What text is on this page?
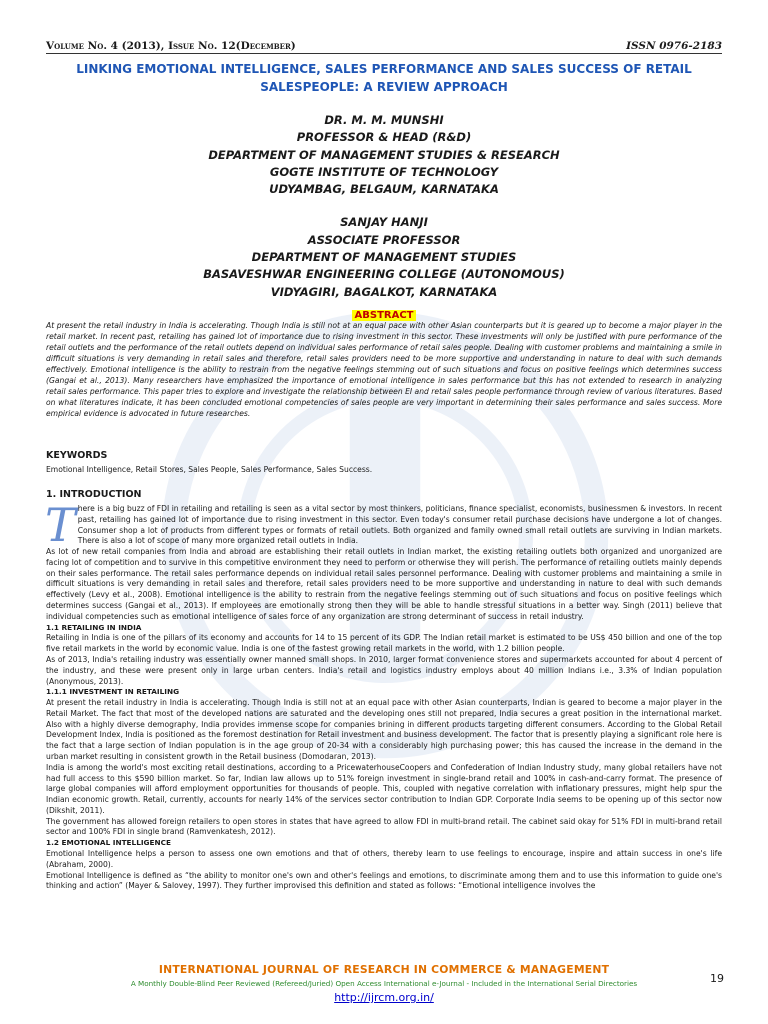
Volume No. 4 (2013), Issue No. 12(December)	ISSN 0976-2183
LINKING EMOTIONAL INTELLIGENCE, SALES PERFORMANCE AND SALES SUCCESS OF RETAIL
SALESPEOPLE: A REVIEW APPROACH
DR. M. M. MUNSHI
PROFESSOR & HEAD (R&D)
DEPARTMENT OF MANAGEMENT STUDIES & RESEARCH
GOGTE INSTITUTE OF TECHNOLOGY
UDYAMBAG, BELGAUM, KARNATAKA
SANJAY HANJI
ASSOCIATE PROFESSOR
DEPARTMENT OF MANAGEMENT STUDIES
BASAVESHWAR ENGINEERING COLLEGE (AUTONOMOUS)
VIDYAGIRI, BAGALKOT, KARNATAKA
ABSTRACT
At present the retail industry in India is accelerating. Though India is still not at an equal pace with other Asian counterparts but it is geared up to become a major player in the retail market. In recent past, retailing has gained lot of importance due to rising investment in this sector. These investments will only be justified with pure performance of the retail outlets and the performance of the retail outlets depend on individual sales performance of retail sales people. Dealing with customer problems and maintaining a smile in difficult situations is very demanding in retail sales and therefore, retail sales providers need to be more supportive and understanding in nature to deal with such demands effectively. Emotional intelligence is the ability to restrain from the negative feelings stemming out of such situations and focus on positive feelings which determines success (Gangai et al., 2013). Many researchers have emphasized the importance of emotional intelligence in sales performance but this has not extended to research in analyzing retail sales performance. This paper tries to explore and investigate the relationship between EI and retail sales people performance through review of various literatures. Based on what literatures indicate, it has been concluded emotional competencies of sales people are very important in determining their sales performance and sales success. More empirical evidence is advocated in future researches.
KEYWORDS
Emotional Intelligence, Retail Stores, Sales People, Sales Performance, Sales Success.
1. INTRODUCTION

There is a big buzz of FDI in retailing and retailing is seen as a vital sector by most thinkers, politicians, finance specialist, economists, businessmen & investors. In recent past, retailing has gained lot of importance due to rising investment in this sector. Even today's consumer retail purchase decisions have undergone a lot of changes. Consumer shop a lot of products from different types or formats of retail outlets. Both organized and family owned small retail outlets are surviving in Indian markets. There is also a lot of scope of many more organized retail outlets in India.

As lot of new retail companies from India and abroad are establishing their retail outlets in Indian market, the existing retailing outlets both organized and unorganized are facing lot of competition and to survive in this competitive environment they need to perform or otherwise they will perish. The performance of retailing outlets mainly depends on their sales performance. The retail sales performance depends on individual retail sales personnel performance. Dealing with customer problems and maintaining a smile in difficult situations is very demanding in retail sales and therefore, retail sales providers need to be more supportive and understanding in nature to deal with such demands effectively (Levy et al., 2008). Emotional intelligence is the ability to restrain from the negative feelings stemming out of such situations and focus on positive feelings which determines success (Gangai et al., 2013). If employees are emotionally strong then they will be able to handle stressful situations in a better way. Singh (2011) believe that individual competencies such as emotional intelligence of sales force of any organization are strong determinant of success in retail industry.

1.1 RETAILING IN INDIA

Retailing in India is one of the pillars of its economy and accounts for 14 to 15 percent of its GDP. The Indian retail market is estimated to be US$ 450 billion and one of the top five retail markets in the world by economic value. India is one of the fastest growing retail markets in the world, with 1.2 billion people.

As of 2013, India's retailing industry was essentially owner manned small shops. In 2010, larger format convenience stores and supermarkets accounted for about 4 percent of the industry, and these were present only in large urban centers. India's retail and logistics industry employs about 40 million Indians i.e., 3.3% of Indian population (Anonymous, 2013).

1.1.1 INVESTMENT IN RETAILING

At present the retail industry in India is accelerating. Though India is still not at an equal pace with other Asian counterparts, Indian is geared to become a major player in the Retail Market. The fact that most of the developed nations are saturated and the developing ones still not prepared, India secures a great position in the international market. Also with a highly diverse demography, India provides immense scope for companies brining in different products targeting different consumers. According to the Global Retail Development Index, India is positioned as the foremost destination for Retail investment and business development. The factor that is presently playing a significant role here is the fact that a large section of Indian population is in the age group of 20-34 with a considerably high purchasing power; this has caused the increase in the demand in the urban market resulting in consistent growth in the Retail business (Domodaran, 2013).

India is among the world's most exciting retail destinations, according to a PricewaterhouseCoopers and Confederation of Indian Industry study, many global retailers have not had full access to this $590 billion market. So far, Indian law allows up to 51% foreign investment in single-brand retail and 100% in cash-and-carry format. The presence of large global companies will afford employment opportunities for thousands of people. This, coupled with negative correlation with inflationary pressures, might help spur the Indian economic growth. Retail, currently, accounts for nearly 14% of the services sector contribution to Indian GDP. Corporate India seems to be opening up of this sector now (Dikshit, 2011).

The government has allowed foreign retailers to open stores in states that have agreed to allow FDI in multi-brand retail. The cabinet said okay for 51% FDI in multi-brand retail sector and 100% FDI in single brand (Ramvenkatesh, 2012).

1.2 EMOTIONAL INTELLIGENCE

Emotional Intelligence helps a person to assess one own emotions and that of others, thereby learn to use feelings to encourage, inspire and attain success in one's life (Abraham, 2000).

Emotional Intelligence is defined as “the ability to monitor one's own and other's feelings and emotions, to discriminate among them and to use this information to guide one's thinking and action” (Mayer & Salovey, 1997). They further improvised this definition and stated as follows: “Emotional intelligence involves the

INTERNATIONAL JOURNAL OF RESEARCH IN COMMERCE & MANAGEMENT
A Monthly Double-Blind Peer Reviewed (Refereed/Juried) Open Access International e-Journal - Included in the International Serial Directories
http://ijrcm.org.in/
19
